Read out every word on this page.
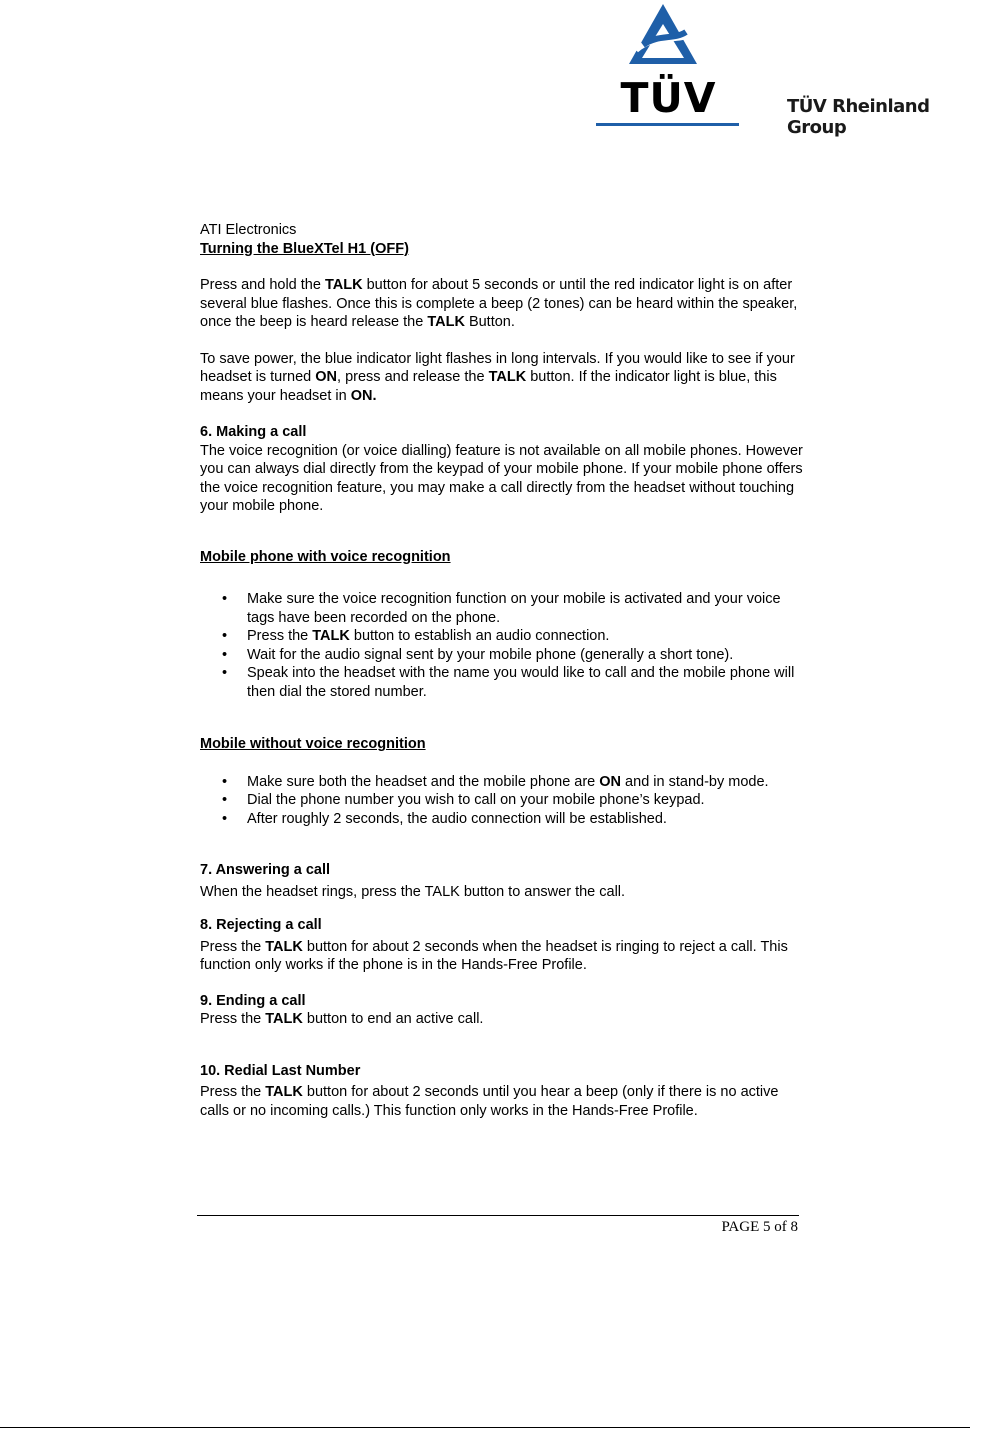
TÜV	TÜV Rheinland Group

ATI Electronics

Turning the BlueXTel H1 (OFF)

Press and hold the TALK button for about 5 seconds or until the red indicator light is on after several blue flashes. Once this is complete a beep (2 tones) can be heard within the speaker, once the beep is heard release the TALK Button.

To save power, the blue indicator light flashes in long intervals. If you would like to see if your headset is turned ON, press and release the TALK button. If the indicator light is blue, this means your headset in ON.

6. Making a call

The voice recognition (or voice dialling) feature is not available on all mobile phones. However you can always dial directly from the keypad of your mobile phone. If your mobile phone offers the voice recognition feature, you may make a call directly from the headset without touching your mobile phone.

Mobile phone with voice recognition

• Make sure the voice recognition function on your mobile is activated and your voice tags have been recorded on the phone.
• Press the TALK button to establish an audio connection.
• Wait for the audio signal sent by your mobile phone (generally a short tone).
• Speak into the headset with the name you would like to call and the mobile phone will then dial the stored number.

Mobile without voice recognition

• Make sure both the headset and the mobile phone are ON and in stand-by mode.
• Dial the phone number you wish to call on your mobile phone’s keypad.
• After roughly 2 seconds, the audio connection will be established.

7. Answering a call

When the headset rings, press the TALK button to answer the call.

8. Rejecting a call

Press the TALK button for about 2 seconds when the headset is ringing to reject a call. This function only works if the phone is in the Hands-Free Profile.

9. Ending a call

Press the TALK button to end an active call.

10. Redial Last Number

Press the TALK button for about 2 seconds until you hear a beep (only if there is no active calls or no incoming calls.) This function only works in the Hands-Free Profile.

PAGE 5 of 8
